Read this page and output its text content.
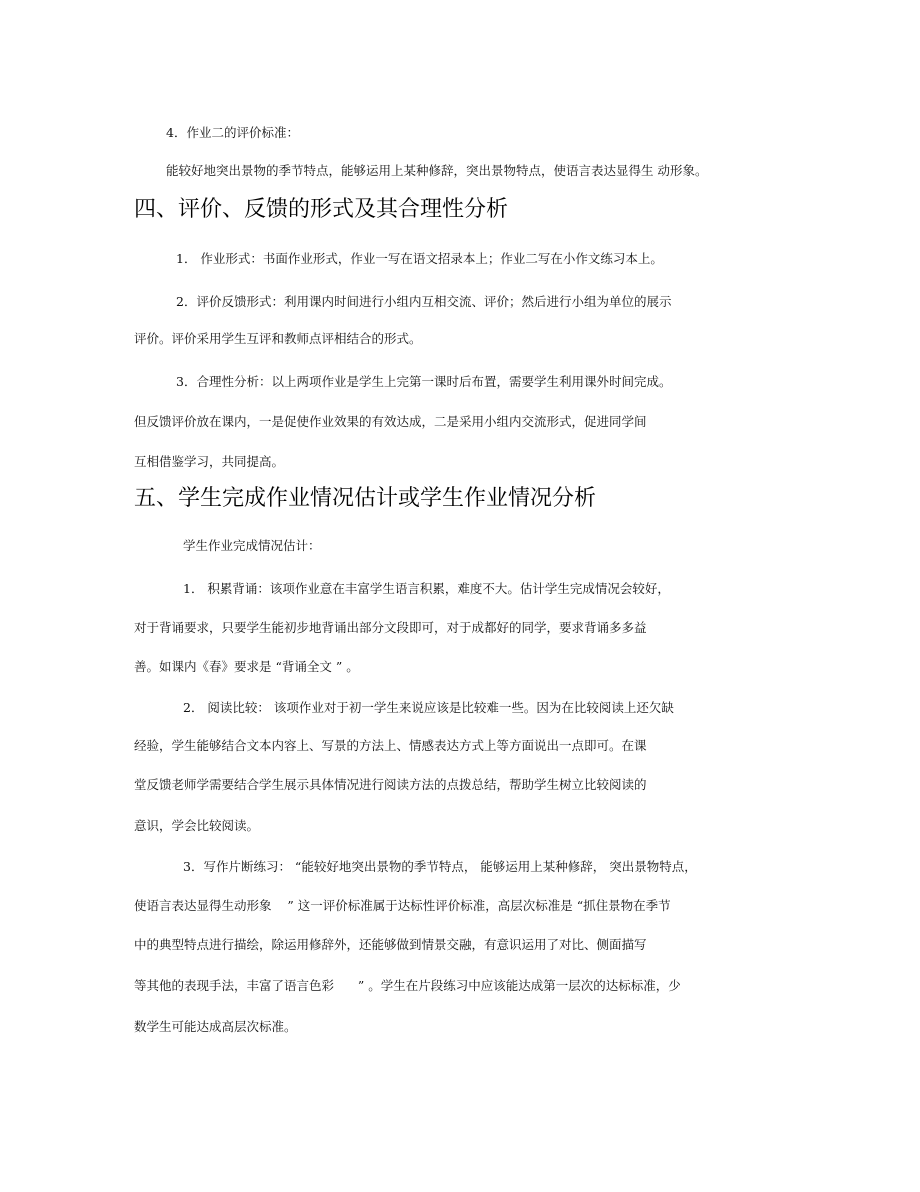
4．作业二的评价标准：
能较好地突出景物的季节特点，能够运用上某种修辞，突出景物特点，使语言表达显得生 动形象。
四、评价、反馈的形式及其合理性分析
1． 作业形式：书面作业形式，作业一写在语文招录本上；作业二写在小作文练习本上。
2．评价反馈形式：利用课内时间进行小组内互相交流、评价；然后进行小组为单位的展示
评价。评价采用学生互评和教师点评相结合的形式。
3．合理性分析：以上两项作业是学生上完第一课时后布置，需要学生利用课外时间完成。
但反馈评价放在课内，一是促使作业效果的有效达成，二是采用小组内交流形式，促进同学间
互相借鉴学习，共同提高。
五、学生完成作业情况估计或学生作业情况分析
学生作业完成情况估计：
1． 积累背诵：该项作业意在丰富学生语言积累，难度不大。估计学生完成情况会较好，
对于背诵要求，只要学生能初步地背诵出部分文段即可，对于成都好的同学，要求背诵多多益
善。如课内《春》要求是 “背诵全文 ” 。
2． 阅读比较： 该项作业对于初一学生来说应该是比较难一些。因为在比较阅读上还欠缺
经验，学生能够结合文本内容上、写景的方法上、情感表达方式上等方面说出一点即可。在课
堂反馈老师学需要结合学生展示具体情况进行阅读方法的点拨总结，帮助学生树立比较阅读的
意识，学会比较阅读。
3．写作片断练习： “能较好地突出景物的季节特点， 能够运用上某种修辞， 突出景物特点，
使语言表达显得生动形象    ” 这一评价标准属于达标性评价标准，高层次标准是 “抓住景物在季节
中的典型特点进行描绘，除运用修辞外，还能够做到情景交融，有意识运用了对比、侧面描写
等其他的表现手法，丰富了语言色彩      ” 。学生在片段练习中应该能达成第一层次的达标标准，少
数学生可能达成高层次标准。
